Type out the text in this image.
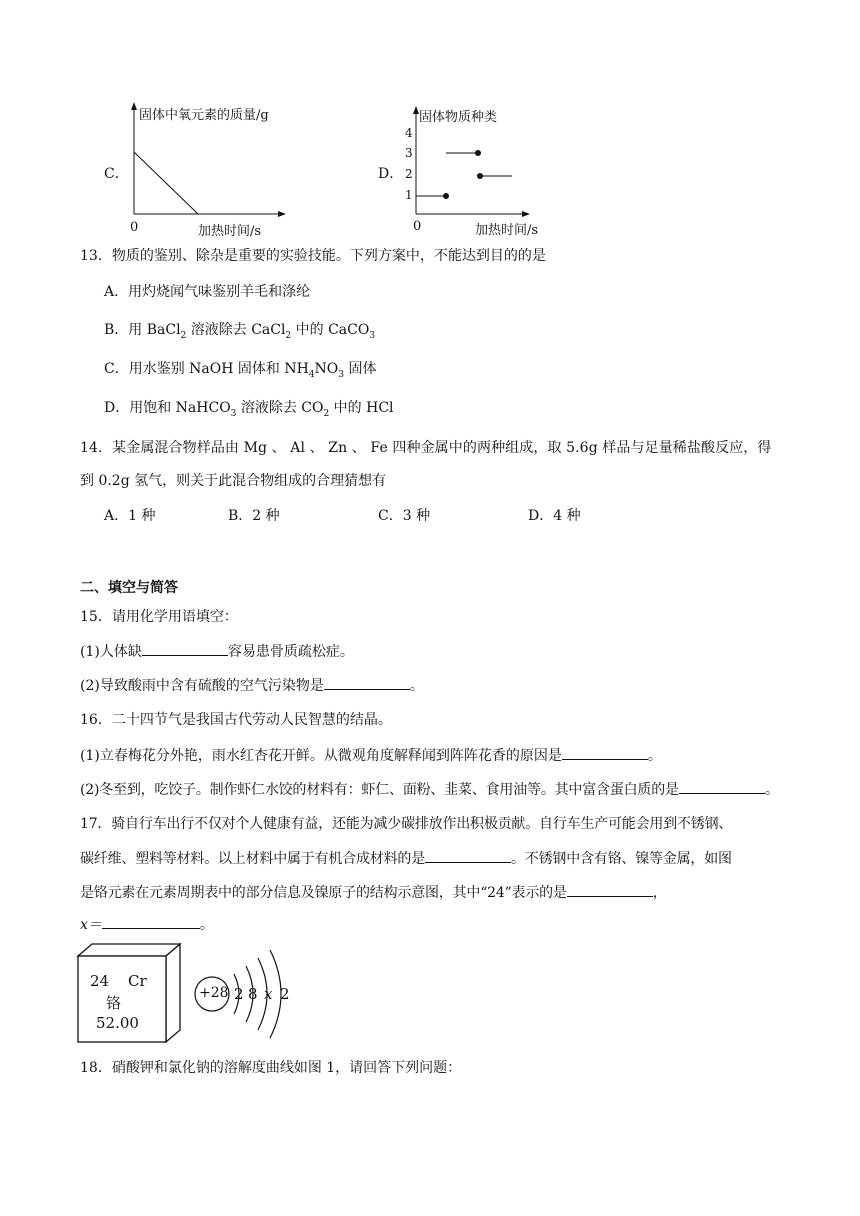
C．
固体中氧元素的质量/g
0	加热时间/s
D．
固体物质种类
1
2
3
4
0	加热时间/s
13．物质的鉴别、除杂是重要的实验技能。下列方案中，不能达到目的的是
A．用灼烧闻气味鉴别羊毛和涤纶
B．用 BaCl$_2$ 溶液除去 CaCl$_2$ 中的 CaCO$_3$
C．用水鉴别 NaOH 固体和 $NH_4NO_3$ 固体
D．用饱和 NaHCO$_3$ 溶液除去 $CO_2$ 中的 HCl
14．某金属混合物样品由 Mg 、 Al 、 Zn 、 Fe 四种金属中的两种组成，取 5.6g 样品与足量稀盐酸反应，得
到 0.2g 氢气，则关于此混合物组成的合理猜想有
A．1 种	B．2 种	C．3 种	D．4 种
二、填空与简答
15．请用化学用语填空：
(1)人体缺	容易患骨质疏松症。
(2)导致酸雨中含有硫酸的空气污染物是	。
16．二十四节气是我国古代劳动人民智慧的结晶。
(1)立春梅花分外艳，雨水红杏花开鲜。从微观角度解释闻到阵阵花香的原因是	。
(2)冬至到，吃饺子。制作虾仁水饺的材料有：虾仁、面粉、韭菜、食用油等。其中富含蛋白质的是	。
17．骑自行车出行不仅对个人健康有益，还能为减少碳排放作出积极贡献。自行车生产可能会用到不锈钢、
碳纤维、塑料等材料。以上材料中属于有机合成材料的是	。不锈钢中含有铬、镍等金属，如图
是铬元素在元素周期表中的部分信息及镍原子的结构示意图，其中“24”表示的是	，
x＝	。
24 Cr
铬
52.00
+28 2 8 x 2
18．硝酸钾和氯化钠的溶解度曲线如图 1，请回答下列问题：
